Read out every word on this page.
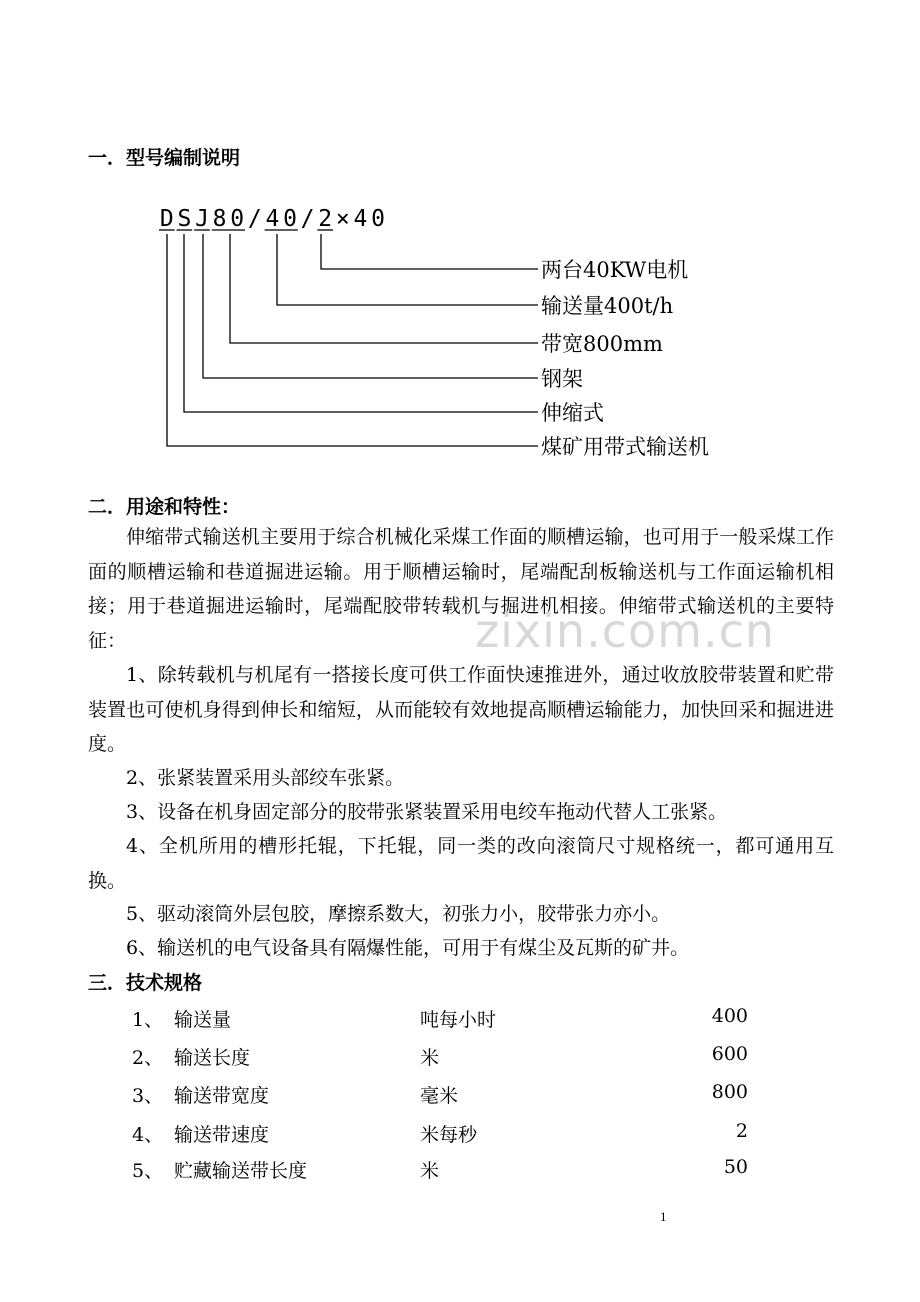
一．型号编制说明
D S J 8 0 / 4 0 / 2 × 4 0
两台40KW电机
输送量400t/h
带宽800mm
钢架
伸缩式
煤矿用带式输送机
二．用途和特性：

伸缩带式输送机主要用于综合机械化采煤工作面的顺槽运输，也可用于一般采煤工作面的顺槽运输和巷道掘进运输。用于顺槽运输时，尾端配刮板输送机与工作面运输机相接；用于巷道掘进运输时，尾端配胶带转载机与掘进机相接。伸缩带式输送机的主要特征：

1、除转载机与机尾有一搭接长度可供工作面快速推进外，通过收放胶带装置和贮带装置也可使机身得到伸长和缩短，从而能较有效地提高顺槽运输能力，加快回采和掘进进度。

2、张紧装置采用头部绞车张紧。

3、设备在机身固定部分的胶带张紧装置采用电绞车拖动代替人工张紧。

4、全机所用的槽形托辊，下托辊，同一类的改向滚筒尺寸规格统一，都可通用互换。

5、驱动滚筒外层包胶，摩擦系数大，初张力小，胶带张力亦小。

6、输送机的电气设备具有隔爆性能，可用于有煤尘及瓦斯的矿井。

三．技术规格
1、 输送量	吨每小时	400
2、 输送长度	米	600
3、 输送带宽度	毫米	800
4、 输送带速度	米每秒	2
5、 贮藏输送带长度	米	50
zixin.com.cn
1
